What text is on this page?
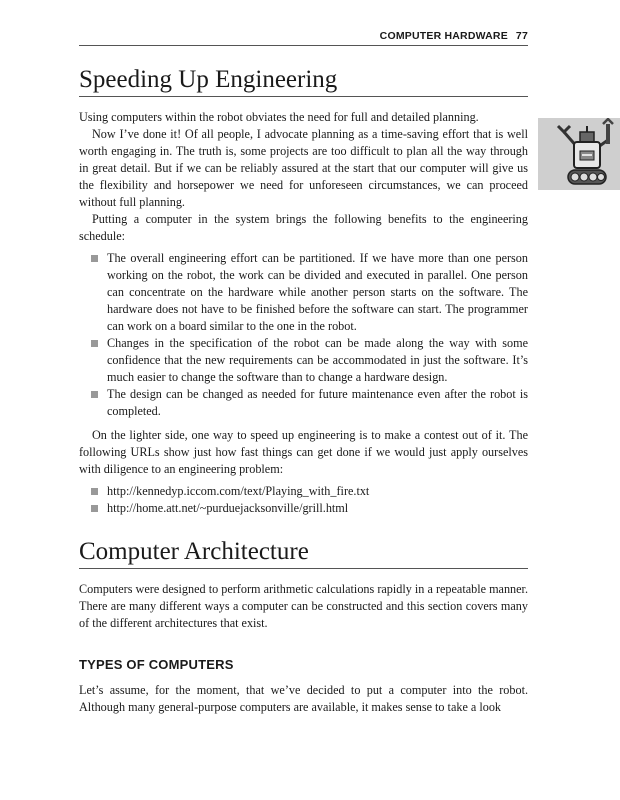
COMPUTER HARDWARE 77
Speeding Up Engineering

Using computers within the robot obviates the need for full and detailed planning.

Now I’ve done it! Of all people, I advocate planning as a time-saving effort that is well worth engaging in. The truth is, some projects are too difficult to plan all the way through in great detail. But if we can be reliably assured at the start that our computer will give us the flexibility and horsepower we need for unforeseen circumstances, we can proceed without full planning.

Putting a computer in the system brings the following benefits to the engineering schedule:

The overall engineering effort can be partitioned. If we have more than one person working on the robot, the work can be divided and executed in parallel. One person can concentrate on the hardware while another person starts on the software. The hardware does not have to be finished before the software can start. The programmer can work on a board similar to the one in the robot.
Changes in the specification of the robot can be made along the way with some confidence that the new requirements can be accommodated in just the software. It’s much easier to change the software than to change a hardware design.
The design can be changed as needed for future maintenance even after the robot is completed.

On the lighter side, one way to speed up engineering is to make a contest out of it. The following URLs show just how fast things can get done if we would just apply ourselves with diligence to an engineering problem:

http://kennedyp.iccom.com/text/Playing_with_fire.txt
http://home.att.net/~purduejacksonville/grill.html
Computer Architecture

Computers were designed to perform arithmetic calculations rapidly in a repeatable manner. There are many different ways a computer can be constructed and this section covers many of the different architectures that exist.

TYPES OF COMPUTERS

Let’s assume, for the moment, that we’ve decided to put a computer into the robot. Although many general-purpose computers are available, it makes sense to take a look
